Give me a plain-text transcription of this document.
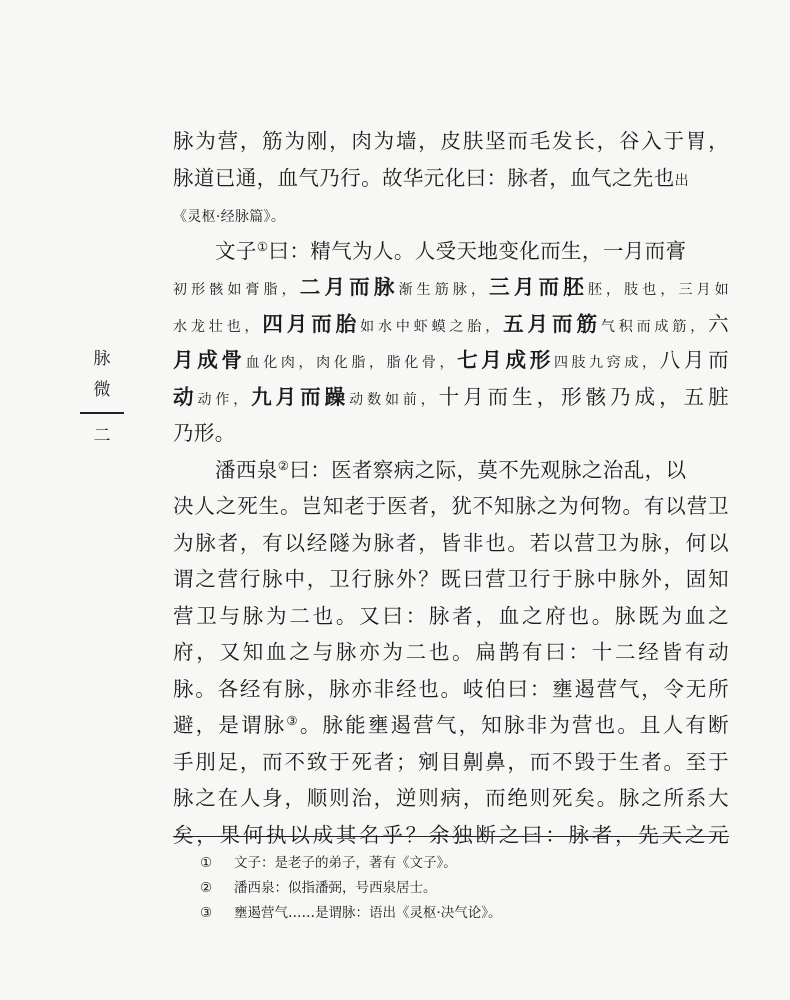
脉
微
二
脉为营，筋为刚，肉为墙，皮肤坚而毛发长，谷入于胃，
脉道已通，血气乃行。故华元化曰：脉者，血气之先也出
《灵枢·经脉篇》。
文子①曰：精气为人。人受天地变化而生，一月而膏
初形骸如膏脂，二月而脉渐生筋脉，三月而胚胚，肢也，三月如
水龙壮也，四月而胎如水中虾蟆之胎，五月而筋气积而成筋，六
月成骨血化肉，肉化脂，脂化骨，七月成形四肢九窍成，八月而
动动作，九月而躁动数如前，十月而生，形骸乃成，五脏
乃形。
潘西泉②曰：医者察病之际，莫不先观脉之治乱，以
决人之死生。岂知老于医者，犹不知脉之为何物。有以营卫
为脉者，有以经隧为脉者，皆非也。若以营卫为脉，何以
谓之营行脉中，卫行脉外？既曰营卫行于脉中脉外，固知
营卫与脉为二也。又曰：脉者，血之府也。脉既为血之
府，又知血之与脉亦为二也。扁鹊有曰：十二经皆有动
脉。各经有脉，脉亦非经也。岐伯曰：壅遏营气，令无所
避，是谓脉③。脉能壅遏营气，知脉非为营也。且人有断
手刖足，而不致于死者；剜目劓鼻，而不毁于生者。至于
脉之在人身，顺则治，逆则病，而绝则死矣。脉之所系大
矣，果何执以成其名乎？余独断之曰：脉者，先天之元
① 文子：是老子的弟子，著有《文子》。
② 潘西泉：似指潘弼，号西泉居士。
③ 壅遏营气……是谓脉：语出《灵枢·决气论》。
